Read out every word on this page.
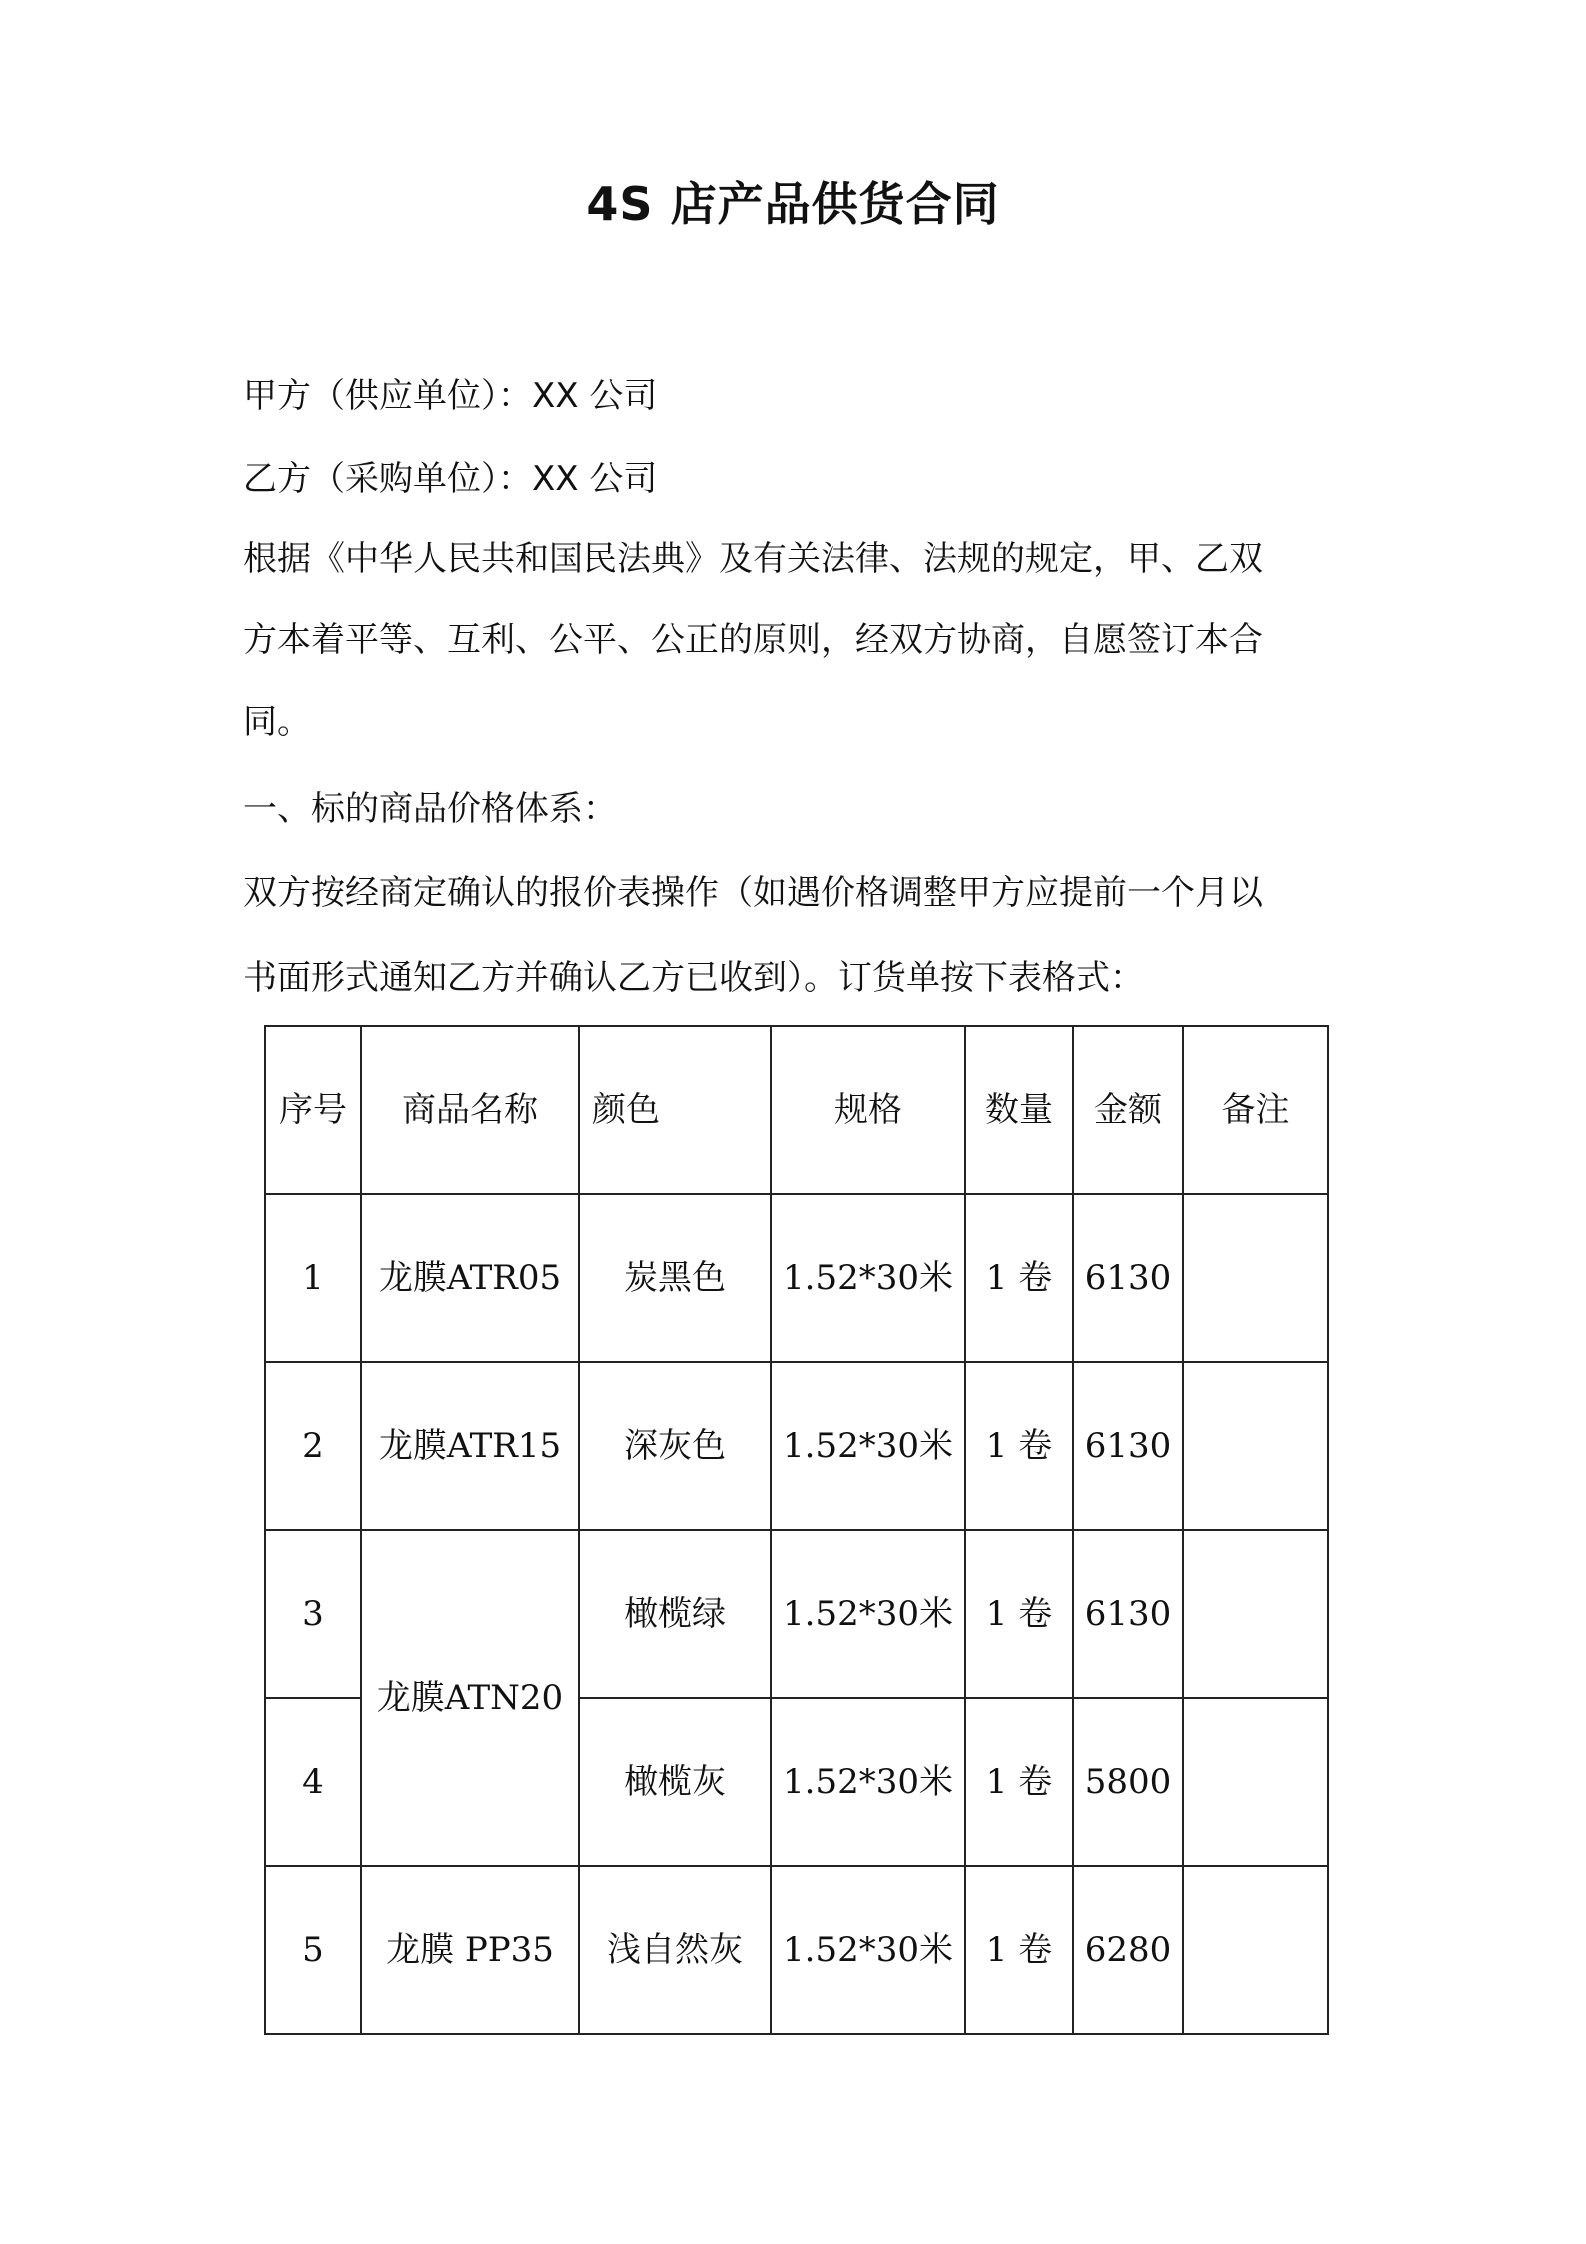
4S 店产品供货合同
甲方（供应单位）：XX 公司
乙方（采购单位）：XX 公司
根据《中华人民共和国民法典》及有关法律、法规的规定，甲、乙双
方本着平等、互利、公平、公正的原则，经双方协商，自愿签订本合
同。
一、标的商品价格体系：
双方按经商定确认的报价表操作（如遇价格调整甲方应提前一个月以
书面形式通知乙方并确认乙方已收到）。订货单按下表格式：
序号	商品名称	颜色	规格	数量	金额	备注
1	龙膜ATR05	炭黑色	1.52*30米	1 卷	6130	
2	龙膜ATR15	深灰色	1.52*30米	1 卷	6130	
3	龙膜ATN20	橄榄绿	1.52*30米	1 卷	6130	
4		橄榄灰	1.52*30米	1 卷	5800	
5	龙膜 PP35	浅自然灰	1.52*30米	1 卷	6280	
